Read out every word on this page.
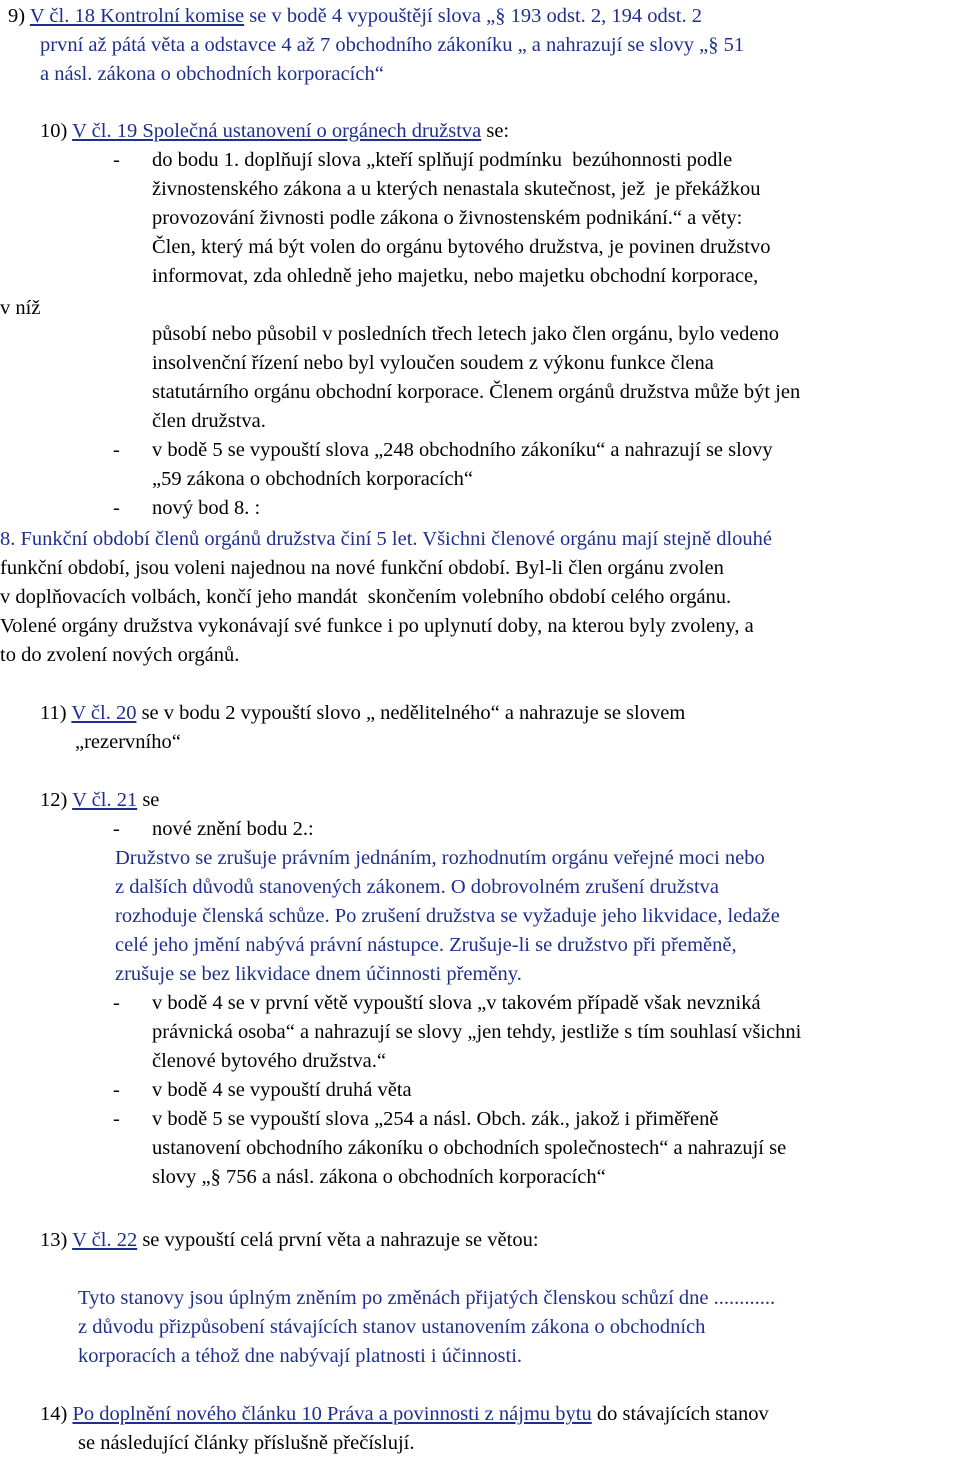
9) V čl. 18 Kontrolní komise se v bodě 4 vypouštějí slova „§ 193 odst. 2, 194 odst. 2
první až pátá věta a odstavce 4 až 7 obchodního zákoníku „ a nahrazují se slovy „§ 51
a násl. zákona o obchodních korporacích“
10) V čl. 19 Společná ustanovení o orgánech družstva se:
- do bodu 1. doplňují slova „kteří splňují podmínku  bezúhonnosti podle
živnostenského zákona a u kterých nenastala skutečnost, jež  je překážkou
provozování živnosti podle zákona o živnostenském podnikání.“ a věty:
Člen, který má být volen do orgánu bytového družstva, je povinen družstvo
informovat, zda ohledně jeho majetku, nebo majetku obchodní korporace,
v níž
působí nebo působil v posledních třech letech jako člen orgánu, bylo vedeno
insolvenční řízení nebo byl vyloučen soudem z výkonu funkce člena
statutárního orgánu obchodní korporace. Členem orgánů družstva může být jen
člen družstva.
- v bodě 5 se vypouští slova „248 obchodního zákoníku“ a nahrazují se slovy
„59 zákona o obchodních korporacích“
- nový bod 8. :
8. Funkční období členů orgánů družstva činí 5 let. Všichni členové orgánu mají stejně dlouhé
funkční období, jsou voleni najednou na nové funkční období. Byl-li člen orgánu zvolen
v doplňovacích volbách, končí jeho mandát  skončením volebního období celého orgánu.
Volené orgány družstva vykonávají své funkce i po uplynutí doby, na kterou byly zvoleny, a
to do zvolení nových orgánů.
11) V čl. 20 se v bodu 2 vypouští slovo „ nedělitelného“ a nahrazuje se slovem
„rezervního“
12) V čl. 21 se
- nové znění bodu 2.:
Družstvo se zrušuje právním jednáním, rozhodnutím orgánu veřejné moci nebo
z dalších důvodů stanovených zákonem. O dobrovolném zrušení družstva
rozhoduje členská schůze. Po zrušení družstva se vyžaduje jeho likvidace, ledaže
celé jeho jmění nabývá právní nástupce. Zrušuje-li se družstvo při přeměně,
zrušuje se bez likvidace dnem účinnosti přeměny.
- v bodě 4 se v první větě vypouští slova „v takovém případě však nevzniká
právnická osoba“ a nahrazují se slovy „jen tehdy, jestliže s tím souhlasí všichni
členové bytového družstva.“
- v bodě 4 se vypouští druhá věta
- v bodě 5 se vypouští slova „254 a násl. Obch. zák., jakož i přiměřeně
ustanovení obchodního zákoníku o obchodních společnostech“ a nahrazují se
slovy „§ 756 a násl. zákona o obchodních korporacích“
13) V čl. 22 se vypouští celá první věta a nahrazuje se větou:
Tyto stanovy jsou úplným zněním po změnách přijatých členskou schůzí dne ............
z důvodu přizpůsobení stávajících stanov ustanovením zákona o obchodních
korporacích a téhož dne nabývají platnosti i účinnosti.
14) Po doplnění nového článku 10 Práva a povinnosti z nájmu bytu do stávajících stanov
se následující články příslušně přečíslují.
